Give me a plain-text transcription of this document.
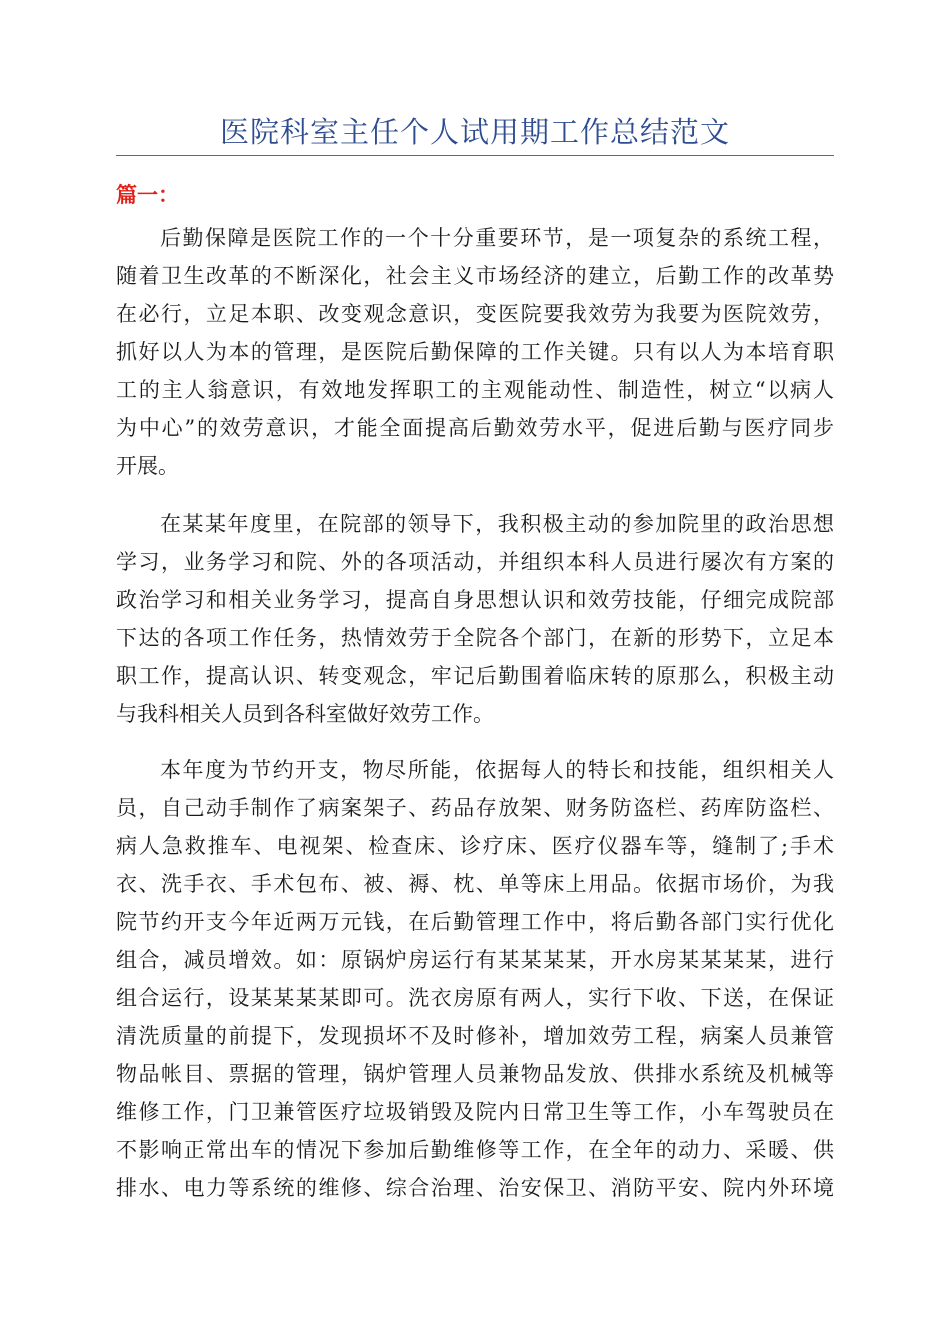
医院科室主任个人试用期工作总结范文
篇一：
后勤保障是医院工作的一个十分重要环节，是一项复杂的系统工程，
随着卫生改革的不断深化，社会主义市场经济的建立，后勤工作的改革势
在必行，立足本职、改变观念意识，变医院要我效劳为我要为医院效劳，
抓好以人为本的管理，是医院后勤保障的工作关键。只有以人为本培育职
工的主人翁意识，有效地发挥职工的主观能动性、制造性，树立“以病人
为中心”的效劳意识，才能全面提高后勤效劳水平，促进后勤与医疗同步
开展。
在某某年度里，在院部的领导下，我积极主动的参加院里的政治思想
学习，业务学习和院、外的各项活动，并组织本科人员进行屡次有方案的
政治学习和相关业务学习，提高自身思想认识和效劳技能，仔细完成院部
下达的各项工作任务，热情效劳于全院各个部门，在新的形势下，立足本
职工作，提高认识、转变观念，牢记后勤围着临床转的原那么，积极主动
与我科相关人员到各科室做好效劳工作。
本年度为节约开支，物尽所能，依据每人的特长和技能，组织相关人
员，自己动手制作了病案架子、药品存放架、财务防盗栏、药库防盗栏、
病人急救推车、电视架、检查床、诊疗床、医疗仪器车等，缝制了;手术
衣、洗手衣、手术包布、被、褥、枕、单等床上用品。依据市场价，为我
院节约开支今年近两万元钱，在后勤管理工作中，将后勤各部门实行优化
组合，减员增效。如：原锅炉房运行有某某某某，开水房某某某某，进行
组合运行，设某某某某即可。洗衣房原有两人，实行下收、下送，在保证
清洗质量的前提下，发现损坏不及时修补，增加效劳工程，病案人员兼管
物品帐目、票据的管理，锅炉管理人员兼物品发放、供排水系统及机械等
维修工作，门卫兼管医疗垃圾销毁及院内日常卫生等工作，小车驾驶员在
不影响正常出车的情况下参加后勤维修等工作，在全年的动力、采暖、供
排水、电力等系统的维修、综合治理、治安保卫、消防平安、院内外环境
